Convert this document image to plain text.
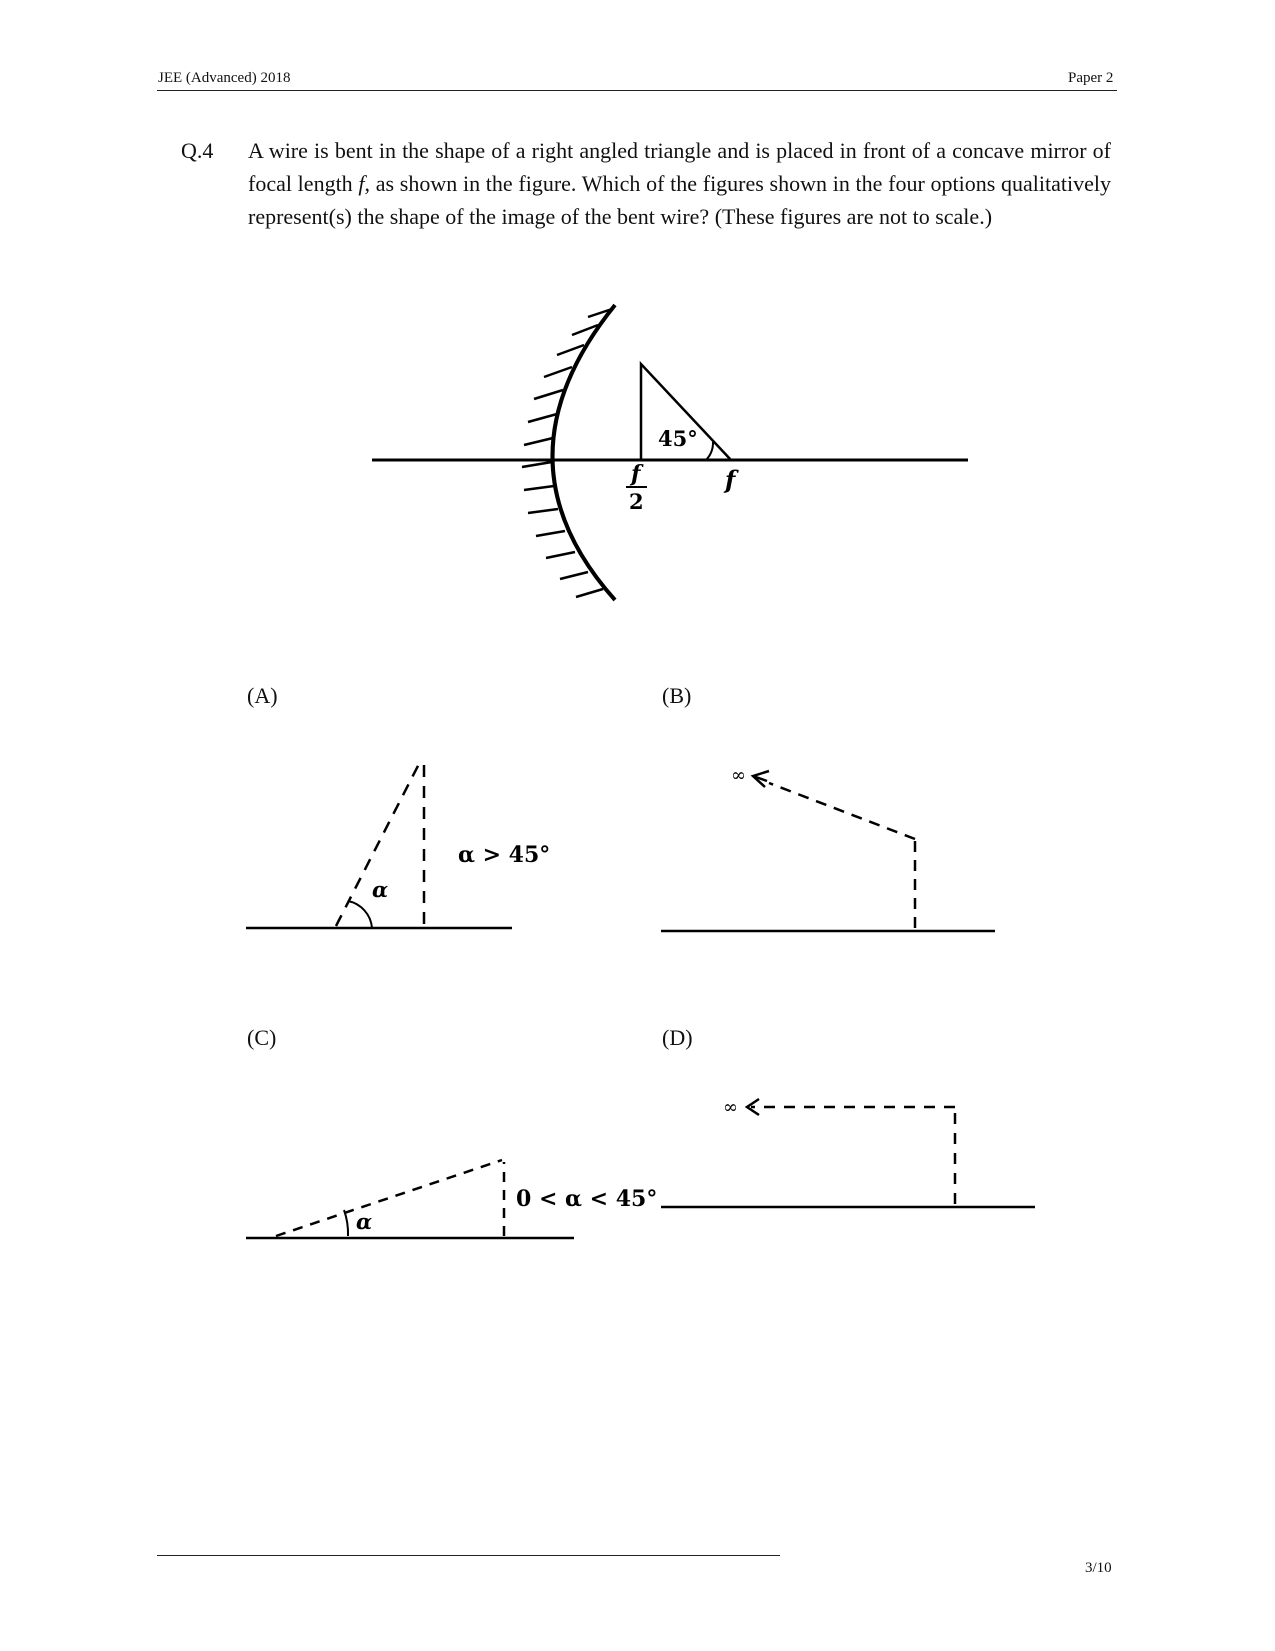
JEE (Advanced) 2018	Paper 2
Q.4 A wire is bent in the shape of a right angled triangle and is placed in front of a concave mirror of focal length f, as shown in the figure. Which of the figures shown in the four options qualitatively represent(s) the shape of the image of the bent wire? (These figures are not to scale.)
45°
f
2
f
(A)	(B)
(C)	(D)
α
α > 45°
∞
α
0 < α < 45°
∞
3/10
